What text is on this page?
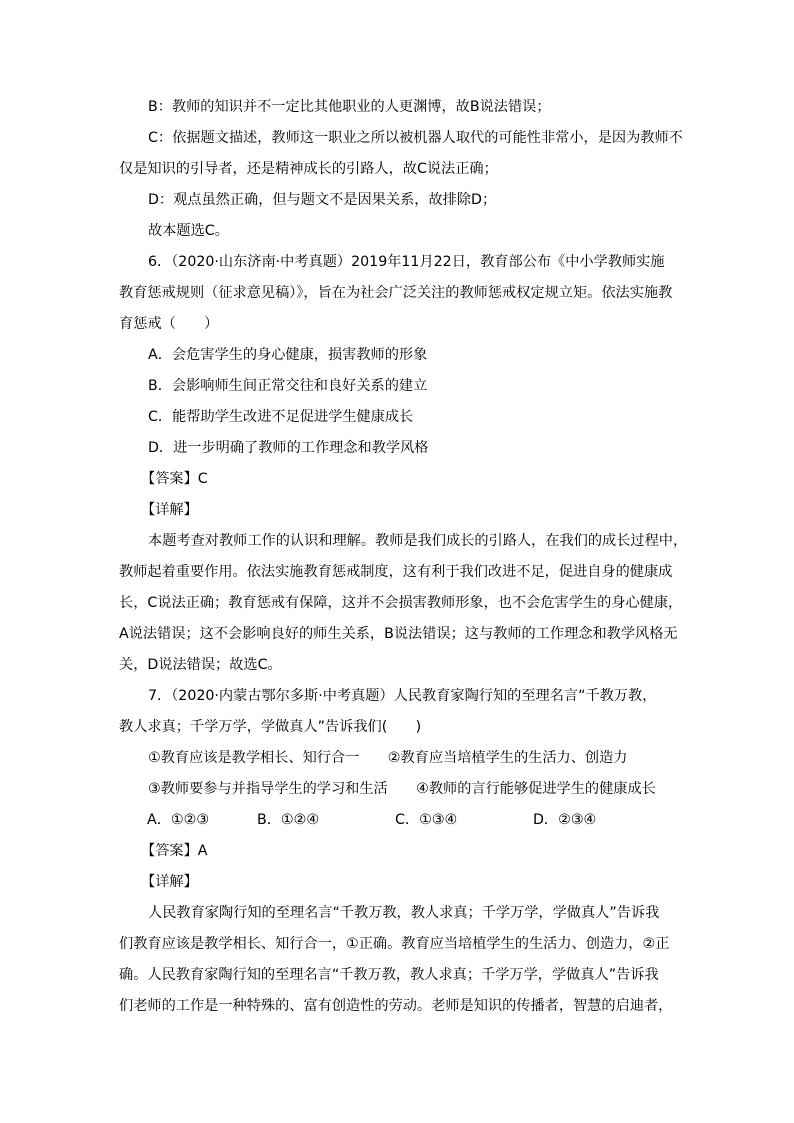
B：教师的知识并不一定比其他职业的人更渊博，故B说法错误；
C：依据题文描述，教师这一职业之所以被机器人取代的可能性非常小，是因为教师不
仅是知识的引导者，还是精神成长的引路人，故C说法正确；
D：观点虽然正确，但与题文不是因果关系，故排除D；
故本题选C。
6．（2020·山东济南·中考真题）2019年11月22日，教育部公布《中小学教师实施
教育惩戒规则（征求意见稿）》，旨在为社会广泛关注的教师惩戒权定规立矩。依法实施教
育惩戒（　　）
A．会危害学生的身心健康，损害教师的形象
B．会影响师生间正常交往和良好关系的建立
C．能帮助学生改进不足促进学生健康成长
D．进一步明确了教师的工作理念和教学风格
【答案】C
【详解】
本题考查对教师工作的认识和理解。教师是我们成长的引路人，在我们的成长过程中，
教师起着重要作用。依法实施教育惩戒制度，这有利于我们改进不足，促进自身的健康成
长，C说法正确；教育惩戒有保障，这并不会损害教师形象，也不会危害学生的身心健康，
A说法错误；这不会影响良好的师生关系，B说法错误；这与教师的工作理念和教学风格无
关，D说法错误；故选C。
7．（2020·内蒙古鄂尔多斯·中考真题）人民教育家陶行知的至理名言“千教万教，
教人求真；千学万学，学做真人”告诉我们(　　)
①教育应该是教学相长、知行合一　　②教育应当培植学生的生活力、创造力
③教师要参与并指导学生的学习和生活　　④教师的言行能够促进学生的健康成长
A．①②③	B．①②④	C．①③④	D．②③④
【答案】A
【详解】
人民教育家陶行知的至理名言“千教万教，教人求真；千学万学，学做真人”告诉我
们教育应该是教学相长、知行合一，①正确。教育应当培植学生的生活力、创造力，②正
确。人民教育家陶行知的至理名言“千教万教，教人求真；千学万学，学做真人”告诉我
们老师的工作是一种特殊的、富有创造性的劳动。老师是知识的传播者，智慧的启迪者，
